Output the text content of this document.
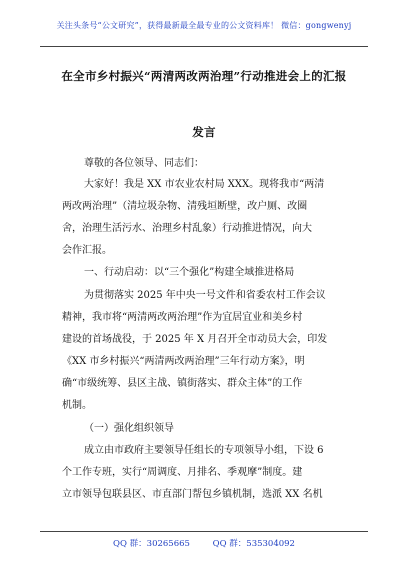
关注头条号“公文研究”，获得最新最全最专业的公文资料库！ 微信：gongwenyj
在全市乡村振兴“两清两改两治理”行动推进会上的汇报
发言
尊敬的各位领导、同志们：
大家好！我是 XX 市农业农村局 XXX。现将我市“两清
两改两治理”（清垃圾杂物、清残垣断壁，改户厕、改圈
舍，治理生活污水、治理乡村乱象）行动推进情况，向大
会作汇报。
一、行动启动：以“三个强化”构建全域推进格局
为贯彻落实 2025 年中央一号文件和省委农村工作会议
精神，我市将“两清两改两治理”作为宜居宜业和美乡村
建设的首场战役，于 2025 年 X 月召开全市动员大会，印发
《XX 市乡村振兴“两清两改两治理”三年行动方案》，明
确“市级统筹、县区主战、镇街落实、群众主体”的工作
机制。
（一）强化组织领导
成立由市政府主要领导任组长的专项领导小组，下设 6
个工作专班，实行“周调度、月排名、季观摩”制度。建
立市领导包联县区、市直部门帮包乡镇机制，选派 XX 名机
QQ 群：30265665	QQ 群：535304092
